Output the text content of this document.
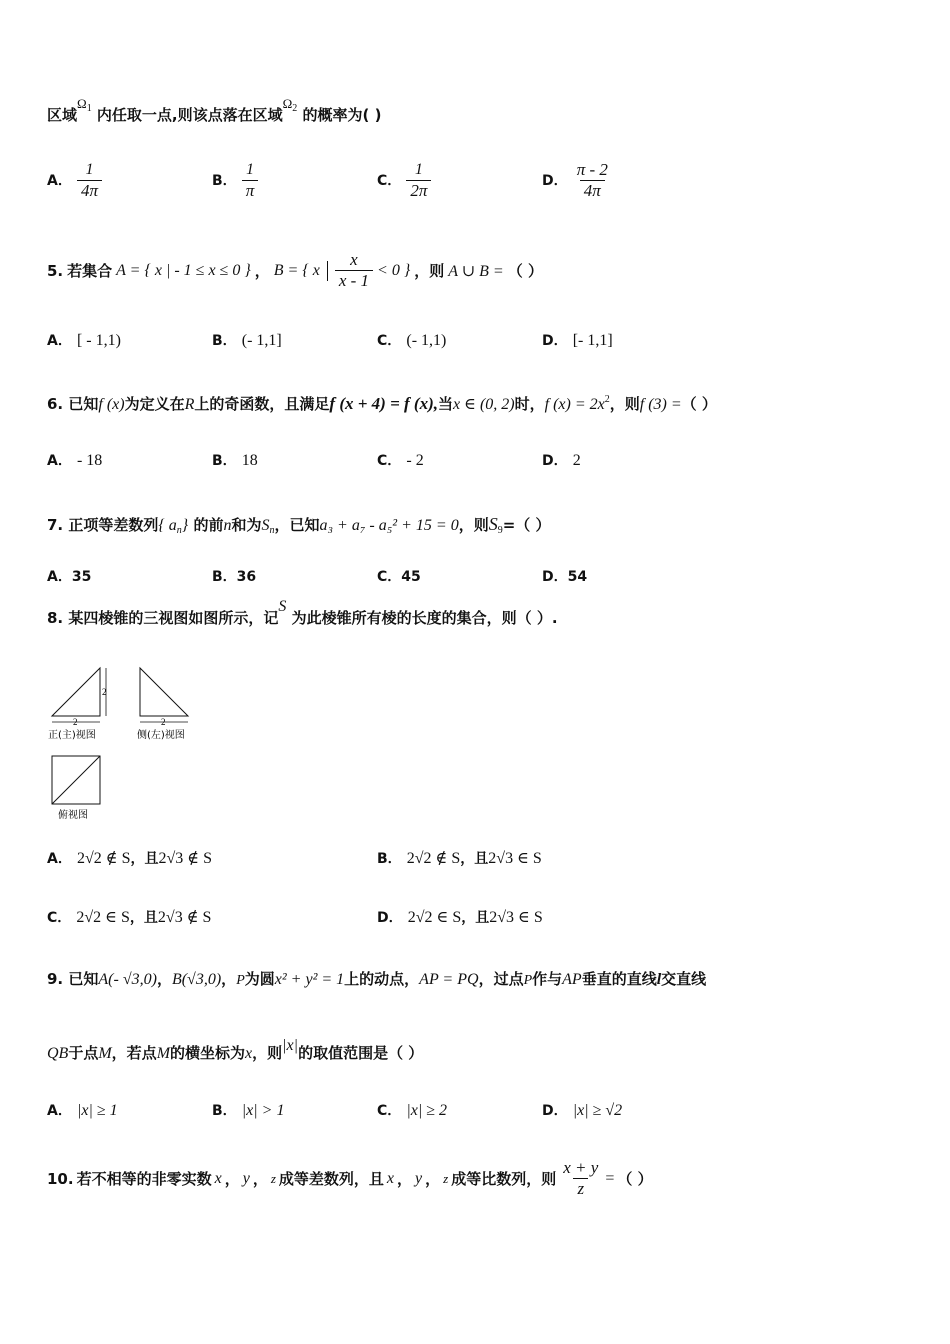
区域$\Omega_1$ 内任取一点,则该点落在区域$\Omega_2$ 的概率为( )
A． $\frac{1}{4\pi}$	B． $\frac{1}{\pi}$	C． $\frac{1}{2\pi}$	D． $\frac{\pi - 2}{4\pi}$
5. 若集合 A = { x | - 1 ≤ x ≤ 0 } ， B = { x $\frac{x}{x - 1} < 0$ } ，则 A ∪ B = （ ）
A． [ - 1,1)	B． (- 1,1]	C． (- 1,1)	D． [- 1,1]
6. 已知f (x)为定义在R上的奇函数，且满足f (x + 4) = f (x),当x ∈ (0, 2)时，f $(x) = 2x^2$，则f (3) =（ ）
A． - 18	B． 18	C． - 2	D． 2
7. 正项等差数列{ $a_n$} 的前n和为$S_n$，已知a₃ + a₇ - a₅² + 15 = 0，则$S_9=$（ ）
A．35	B．36	C．45	D．54
8. 某四棱锥的三视图如图所示，记S 为此棱锥所有棱的长度的集合，则（ ）.
2
2
正(主)视图
2
侧(左)视图
俯视图
A． 2√2 ∉ S，且2√3 ∉ S	B． 2√2 ∉ S，且2√3 ∈ S
C． 2√2 ∈ S，且2√3 ∉ S	D． 2√2 ∈ S，且2√3 ∈ S
9. 已知A(- √3,0)，B(√3,0)，P为圆x² + y² = 1上的动点，AP = PQ，过点P作与AP垂直的直线l交直线
QB于点M，若点M的横坐标为x，则|x|的取值范围是（ ）
A． |x| ≥ 1	B． |x| > 1	C． |x| ≥ 2	D． |x| ≥ √2
10. 若不相等的非零实数 x ， y ， z 成等差数列，且 x ， y ， z 成等比数列，则 $\frac{x + y}{z}$ = （ ）
